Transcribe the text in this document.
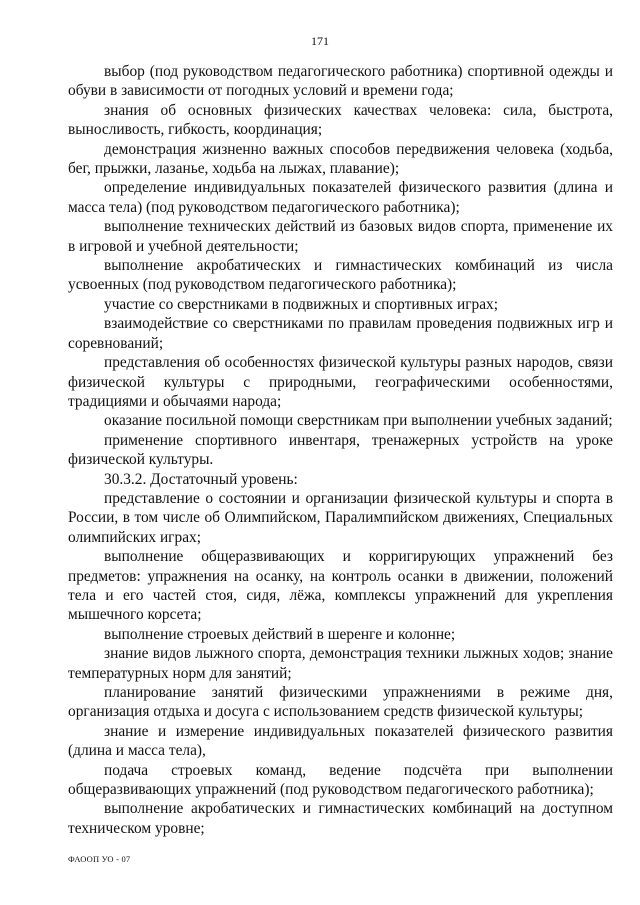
171

выбор (под руководством педагогического работника) спортивной одежды и обуви в зависимости от погодных условий и времени года;

знания об основных физических качествах человека: сила, быстрота, выносливость, гибкость, координация;

демонстрация жизненно важных способов передвижения человека (ходьба, бег, прыжки, лазанье, ходьба на лыжах, плавание);

определение индивидуальных показателей физического развития (длина и масса тела) (под руководством педагогического работника);

выполнение технических действий из базовых видов спорта, применение их в игровой и учебной деятельности;

выполнение акробатических и гимнастических комбинаций из числа усвоенных (под руководством педагогического работника);

участие со сверстниками в подвижных и спортивных играх;

взаимодействие со сверстниками по правилам проведения подвижных игр и соревнований;

представления об особенностях физической культуры разных народов, связи физической культуры с природными, географическими особенностями, традициями и обычаями народа;

оказание посильной помощи сверстникам при выполнении учебных заданий;

применение спортивного инвентаря, тренажерных устройств на уроке физической культуры.

30.3.2. Достаточный уровень:

представление о состоянии и организации физической культуры и спорта в России, в том числе об Олимпийском, Паралимпийском движениях, Специальных олимпийских играх;

выполнение общеразвивающих и корригирующих упражнений без предметов: упражнения на осанку, на контроль осанки в движении, положений тела и его частей стоя, сидя, лёжа, комплексы упражнений для укрепления мышечного корсета;

выполнение строевых действий в шеренге и колонне;

знание видов лыжного спорта, демонстрация техники лыжных ходов; знание температурных норм для занятий;

планирование занятий физическими упражнениями в режиме дня, организация отдыха и досуга с использованием средств физической культуры;

знание и измерение индивидуальных показателей физического развития (длина и масса тела),

подача строевых команд, ведение подсчёта при выполнении общеразвивающих упражнений (под руководством педагогического работника);

выполнение акробатических и гимнастических комбинаций на доступном техническом уровне;

ФАООП УО - 07
